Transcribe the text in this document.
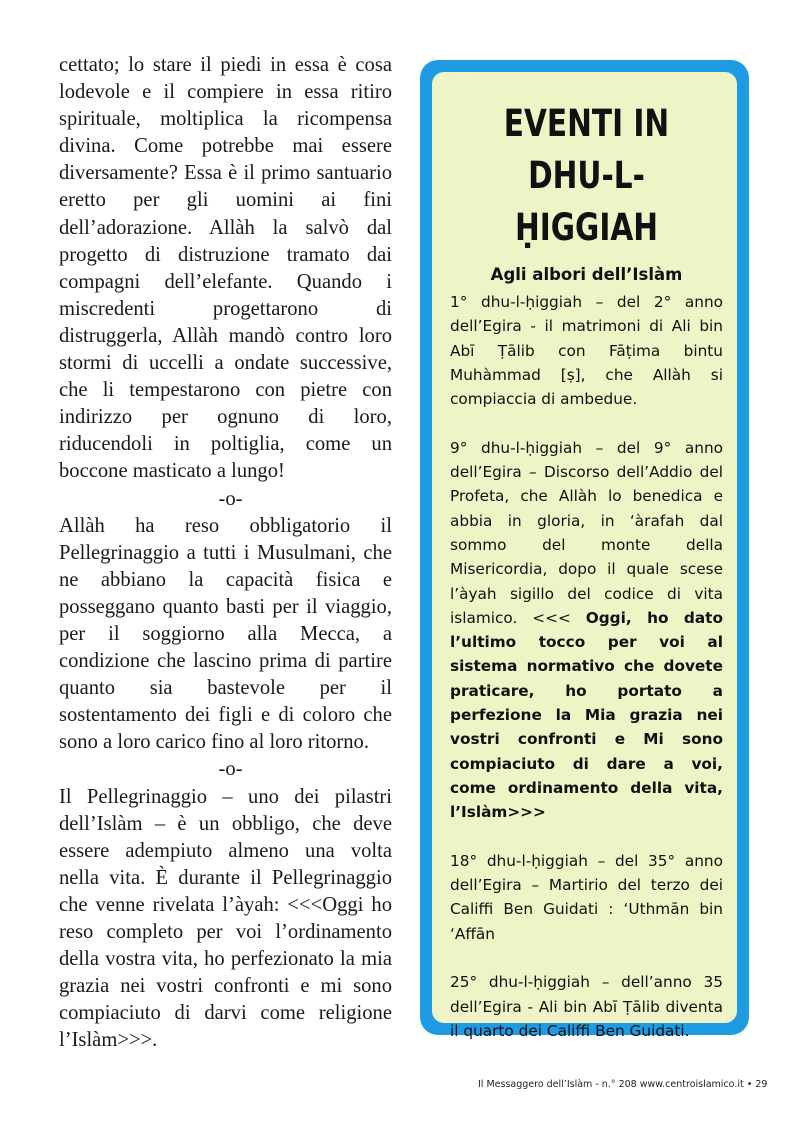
cettato; lo stare il piedi in essa è cosa lodevole e il compiere in essa ritiro spirituale, moltiplica la ricompensa divina. Come potrebbe mai essere diversamente? Essa è il primo santuario eretto per gli uomini ai fini dell’adorazione. Allàh la salvò dal progetto di distruzione tramato dai compagni dell’elefante. Quando i miscredenti progettarono di distruggerla, Allàh mandò contro loro stormi di uccelli a ondate successive, che li tempestarono con pietre con indirizzo per ognuno di loro, riducendoli in poltiglia, come un boccone masticato a lungo!

-o-

Allàh ha reso obbligatorio il Pellegrinaggio a tutti i Musulmani, che ne abbiano la capacità fisica e posseggano quanto basti per il viaggio, per il soggiorno alla Mecca, a condizione che lascino prima di partire quanto sia bastevole per il sostentamento dei figli e di coloro che sono a loro carico fino al loro ritorno.

-o-

Il Pellegrinaggio – uno dei pilastri dell’Islàm – è un obbligo, che deve essere adempiuto almeno una volta nella vita. È durante il Pellegrinaggio che venne rivelata l’àyah: <<<Oggi ho reso completo per voi l’ordinamento della vostra vita, ho perfezionato la mia grazia nei vostri confronti e mi sono compiaciuto di darvi come religione l’Islàm>>>.

EVENTI IN
DHU-L-ḤIGGIAH
Agli albori dell’Islàm

1° dhu-l-ḥiggiah – del 2° anno dell’Egira - il matrimoni di Ali bin Abī Ṭālib con Fāṭima bintu Muhàmmad [ṣ], che Allàh si compiaccia di ambedue.

9° dhu-l-ḥiggiah – del 9° anno dell’Egira – Discorso dell’Addio del Profeta, che Allàh lo benedica e abbia in gloria, in ‘àrafah dal sommo del monte della Misericordia, dopo il quale scese l’àyah sigillo del codice di vita islamico. <<< Oggi, ho dato l’ultimo tocco per voi al sistema normativo che dovete praticare, ho portato a perfezione la Mia grazia nei vostri confronti e Mi sono compiaciuto di dare a voi, come ordinamento della vita, l’Islàm>>>

18° dhu-l-ḥiggiah – del 35° anno dell’Egira – Martirio del terzo dei Califfi Ben Guidati : ‘Uthmān bin ‘Affān

25° dhu-l-ḥiggiah – dell’anno 35 dell’Egira - Ali bin Abī Ṭālib diventa il quarto dei Califfi Ben Guidati.

Il Messaggero dell’Islàm - n.° 208 www.centroislamico.it • 29
